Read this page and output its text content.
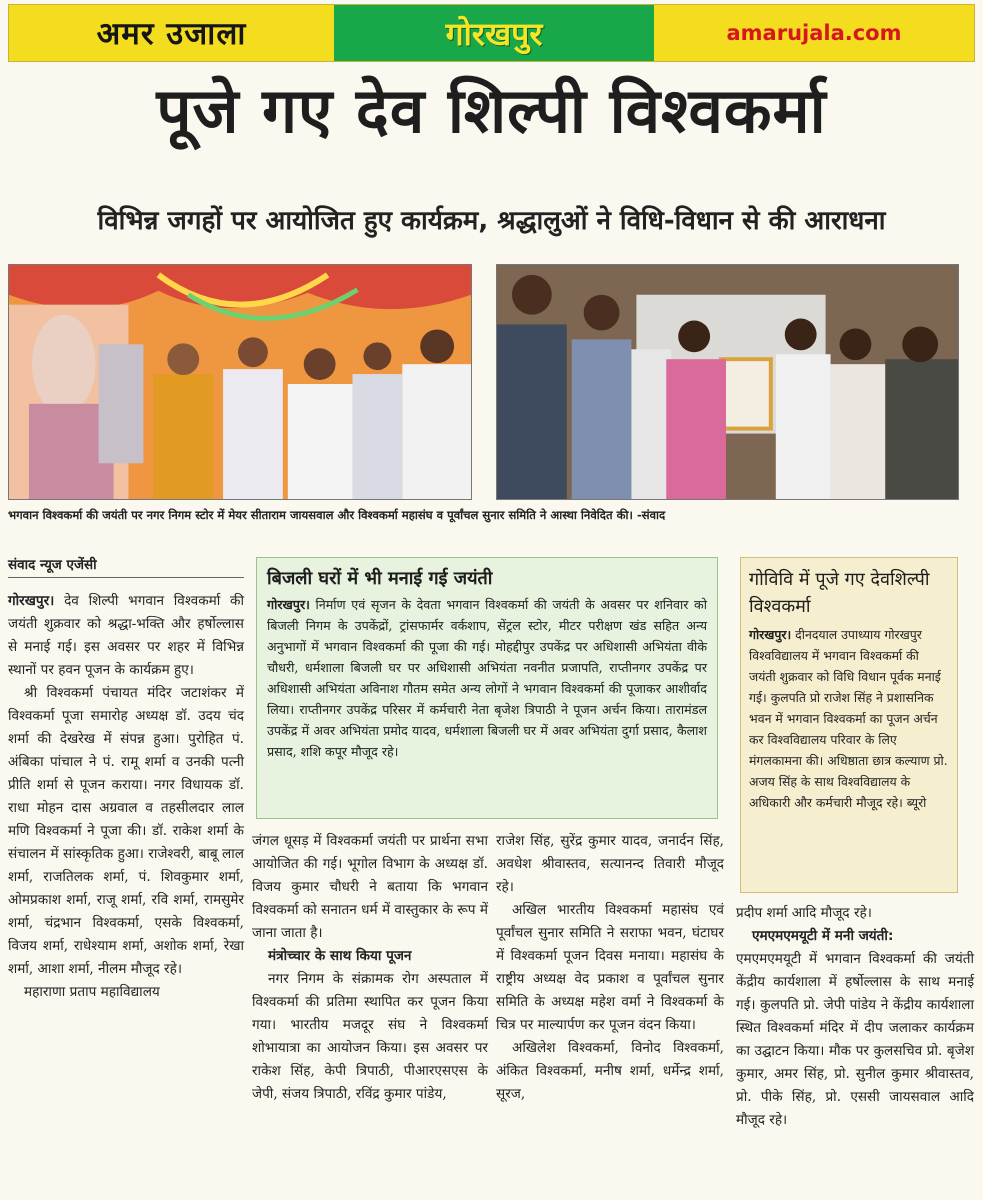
अमर उजाला	गोरखपुर	amarujala.com
पूजे गए देव शिल्पी विश्वकर्मा
विभिन्न जगहों पर आयोजित हुए कार्यक्रम, श्रद्धालुओं ने विधि-विधान से की आराधना
भगवान विश्वकर्मा की जयंती पर नगर निगम स्टोर में मेयर सीताराम जायसवाल और विश्वकर्मा महासंघ व पूर्वांचल सुनार समिति ने आस्था निवेदित की। -संवाद
संवाद न्यूज एजेंसी

गोरखपुर। देव शिल्पी भगवान विश्वकर्मा की जयंती शुक्रवार को श्रद्धा-भक्ति और हर्षोल्लास से मनाई गई। इस अवसर पर शहर में विभिन्न स्थानों पर हवन पूजन के कार्यक्रम हुए।

श्री विश्वकर्मा पंचायत मंदिर जटाशंकर में विश्वकर्मा पूजा समारोह अध्यक्ष डॉ. उदय चंद शर्मा की देखरेख में संपन्न हुआ। पुरोहित पं. अंबिका पांचाल ने पं. रामू शर्मा व उनकी पत्नी प्रीति शर्मा से पूजन कराया। नगर विधायक डॉ. राधा मोहन दास अग्रवाल व तहसीलदार लाल मणि विश्वकर्मा ने पूजा की। डॉ. राकेश शर्मा के संचालन में सांस्कृतिक हुआ। राजेश्वरी, बाबू लाल शर्मा, राजतिलक शर्मा, पं. शिवकुमार शर्मा, ओमप्रकाश शर्मा, राजू शर्मा, रवि शर्मा, रामसुमेर शर्मा, चंद्रभान विश्वकर्मा, एसके विश्वकर्मा, विजय शर्मा, राधेश्याम शर्मा, अशोक शर्मा, रेखा शर्मा, आशा शर्मा, नीलम मौजूद रहे।

महाराणा प्रताप महाविद्यालय

बिजली घरों में भी मनाई गई जयंती

गोरखपुर। निर्माण एवं सृजन के देवता भगवान विश्वकर्मा की जयंती के अवसर पर शनिवार को बिजली निगम के उपकेंद्रों, ट्रांसफार्मर वर्कशाप, सेंट्रल स्टोर, मीटर परीक्षण खंड सहित अन्य अनुभागों में भगवान विश्वकर्मा की पूजा की गई। मोहद्दीपुर उपकेंद्र पर अधिशासी अभियंता वीके चौधरी, धर्मशाला बिजली घर पर अधिशासी अभियंता नवनीत प्रजापति, राप्तीनगर उपकेंद्र पर अधिशासी अभियंता अविनाश गौतम समेत अन्य लोगों ने भगवान विश्वकर्मा की पूजाकर आशीर्वाद लिया। राप्तीनगर उपकेंद्र परिसर में कर्मचारी नेता बृजेश त्रिपाठी ने पूजन अर्चन किया। तारामंडल उपकेंद्र में अवर अभियंता प्रमोद यादव, धर्मशाला बिजली घर में अवर अभियंता दुर्गा प्रसाद, कैलाश प्रसाद, शशि कपूर मौजूद रहे।

गोविवि में पूजे गए देवशिल्पी विश्वकर्मा

गोरखपुर। दीनदयाल उपाध्याय गोरखपुर विश्वविद्यालय में भगवान विश्वकर्मा की जयंती शुक्रवार को विधि विधान पूर्वक मनाई गई। कुलपति प्रो राजेश सिंह ने प्रशासनिक भवन में भगवान विश्वकर्मा का पूजन अर्चन कर विश्वविद्यालय परिवार के लिए मंगलकामना की। अधिष्ठाता छात्र कल्याण प्रो. अजय सिंह के साथ विश्वविद्यालय के अधिकारी और कर्मचारी मौजूद रहे। ब्यूरो

जंगल धूसड़ में विश्वकर्मा जयंती पर प्रार्थना सभा आयोजित की गई। भूगोल विभाग के अध्यक्ष डॉ. विजय कुमार चौधरी ने बताया कि भगवान विश्वकर्मा को सनातन धर्म में वास्तुकार के रूप में जाना जाता है।

मंत्रोच्चार के साथ किया पूजन

नगर निगम के संक्रामक रोग अस्पताल में विश्वकर्मा की प्रतिमा स्थापित कर पूजन किया गया। भारतीय मजदूर संघ ने विश्वकर्मा शोभायात्रा का आयोजन किया। इस अवसर पर राकेश सिंह, केपी त्रिपाठी, पीआरएसएस के जेपी, संजय त्रिपाठी, रविंद्र कुमार पांडेय,

राजेश सिंह, सुरेंद्र कुमार यादव, जनार्दन सिंह, अवधेश श्रीवास्तव, सत्यानन्द तिवारी मौजूद रहे।

अखिल भारतीय विश्वकर्मा महासंघ एवं पूर्वांचल सुनार समिति ने सराफा भवन, घंटाघर में विश्वकर्मा पूजन दिवस मनाया। महासंघ के राष्ट्रीय अध्यक्ष वेद प्रकाश व पूर्वांचल सुनार समिति के अध्यक्ष महेश वर्मा ने विश्वकर्मा के चित्र पर माल्यार्पण कर पूजन वंदन किया।

अखिलेश विश्वकर्मा, विनोद विश्वकर्मा, अंकित विश्वकर्मा, मनीष शर्मा, धर्मेन्द्र शर्मा, सूरज,

प्रदीप शर्मा आदि मौजूद रहे।

एमएमएमयूटी में मनी जयंती:

एमएमएमयूटी में भगवान विश्वकर्मा की जयंती केंद्रीय कार्यशाला में हर्षोल्लास के साथ मनाई गई। कुलपति प्रो. जेपी पांडेय ने केंद्रीय कार्यशाला स्थित विश्वकर्मा मंदिर में दीप जलाकर कार्यक्रम का उद्घाटन किया। मौक पर कुलसचिव प्रो. बृजेश कुमार, अमर सिंह, प्रो. सुनील कुमार श्रीवास्तव, प्रो. पीके सिंह, प्रो. एससी जायसवाल आदि मौजूद रहे।
